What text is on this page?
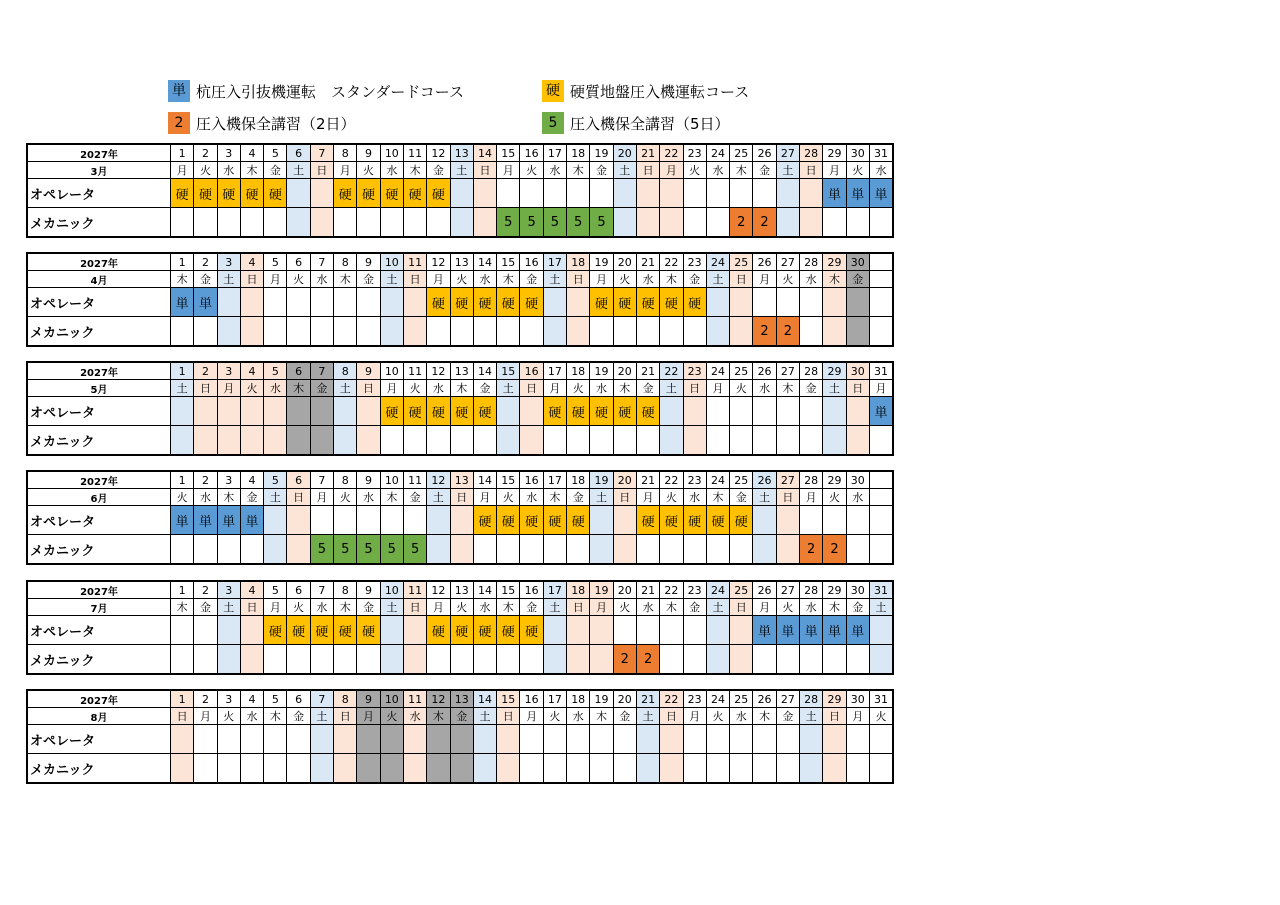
単 杭圧入引抜機運転　スタンダードコース	硬 硬質地盤圧入機運転コース
2 圧入機保全講習（2日）	5 圧入機保全講習（5日）
2027年	1	2	3	4	5	6	7	8	9	10	11	12	13	14	15	16	17	18	19	20	21	22	23	24	25	26	27	28	29	30	31
3月	月	火	水	木	金	土	日	月	火	水	木	金	土	日	月	火	水	木	金	土	日	月	火	水	木	金	土	日	月	火	水
オペレータ	硬	硬	硬	硬	硬			硬	硬	硬	硬	硬																	単	単	単
メカニック															5	5	5	5	5						2	2					
2027年	1	2	3	4	5	6	7	8	9	10	11	12	13	14	15	16	17	18	19	20	21	22	23	24	25	26	27	28	29	30	
4月	木	金	土	日	月	火	水	木	金	土	日	月	火	水	木	金	土	日	月	火	水	木	金	土	日	月	火	水	木	金	
オペレータ	単	単										硬	硬	硬	硬	硬			硬	硬	硬	硬	硬								
メカニック																										2	2				
2027年	1	2	3	4	5	6	7	8	9	10	11	12	13	14	15	16	17	18	19	20	21	22	23	24	25	26	27	28	29	30	31
5月	土	日	月	火	水	木	金	土	日	月	火	水	木	金	土	日	月	火	水	木	金	土	日	月	火	水	木	金	土	日	月
オペレータ										硬	硬	硬	硬	硬			硬	硬	硬	硬	硬										単
メカニック																															
2027年	1	2	3	4	5	6	7	8	9	10	11	12	13	14	15	16	17	18	19	20	21	22	23	24	25	26	27	28	29	30	
6月	火	水	木	金	土	日	月	火	水	木	金	土	日	月	火	水	木	金	土	日	月	火	水	木	金	土	日	月	火	水	
オペレータ	単	単	単	単										硬	硬	硬	硬	硬			硬	硬	硬	硬	硬						
メカニック							5	5	5	5	5																	2	2		
2027年	1	2	3	4	5	6	7	8	9	10	11	12	13	14	15	16	17	18	19	20	21	22	23	24	25	26	27	28	29	30	31
7月	木	金	土	日	月	火	水	木	金	土	日	月	火	水	木	金	土	日	月	火	水	木	金	土	日	月	火	水	木	金	土
オペレータ					硬	硬	硬	硬	硬			硬	硬	硬	硬	硬										単	単	単	単	単	
メカニック																				2	2										
2027年	1	2	3	4	5	6	7	8	9	10	11	12	13	14	15	16	17	18	19	20	21	22	23	24	25	26	27	28	29	30	31
8月	日	月	火	水	木	金	土	日	月	火	水	木	金	土	日	月	火	水	木	金	土	日	月	火	水	木	金	土	日	月	火
オペレータ																															
メカニック																															
